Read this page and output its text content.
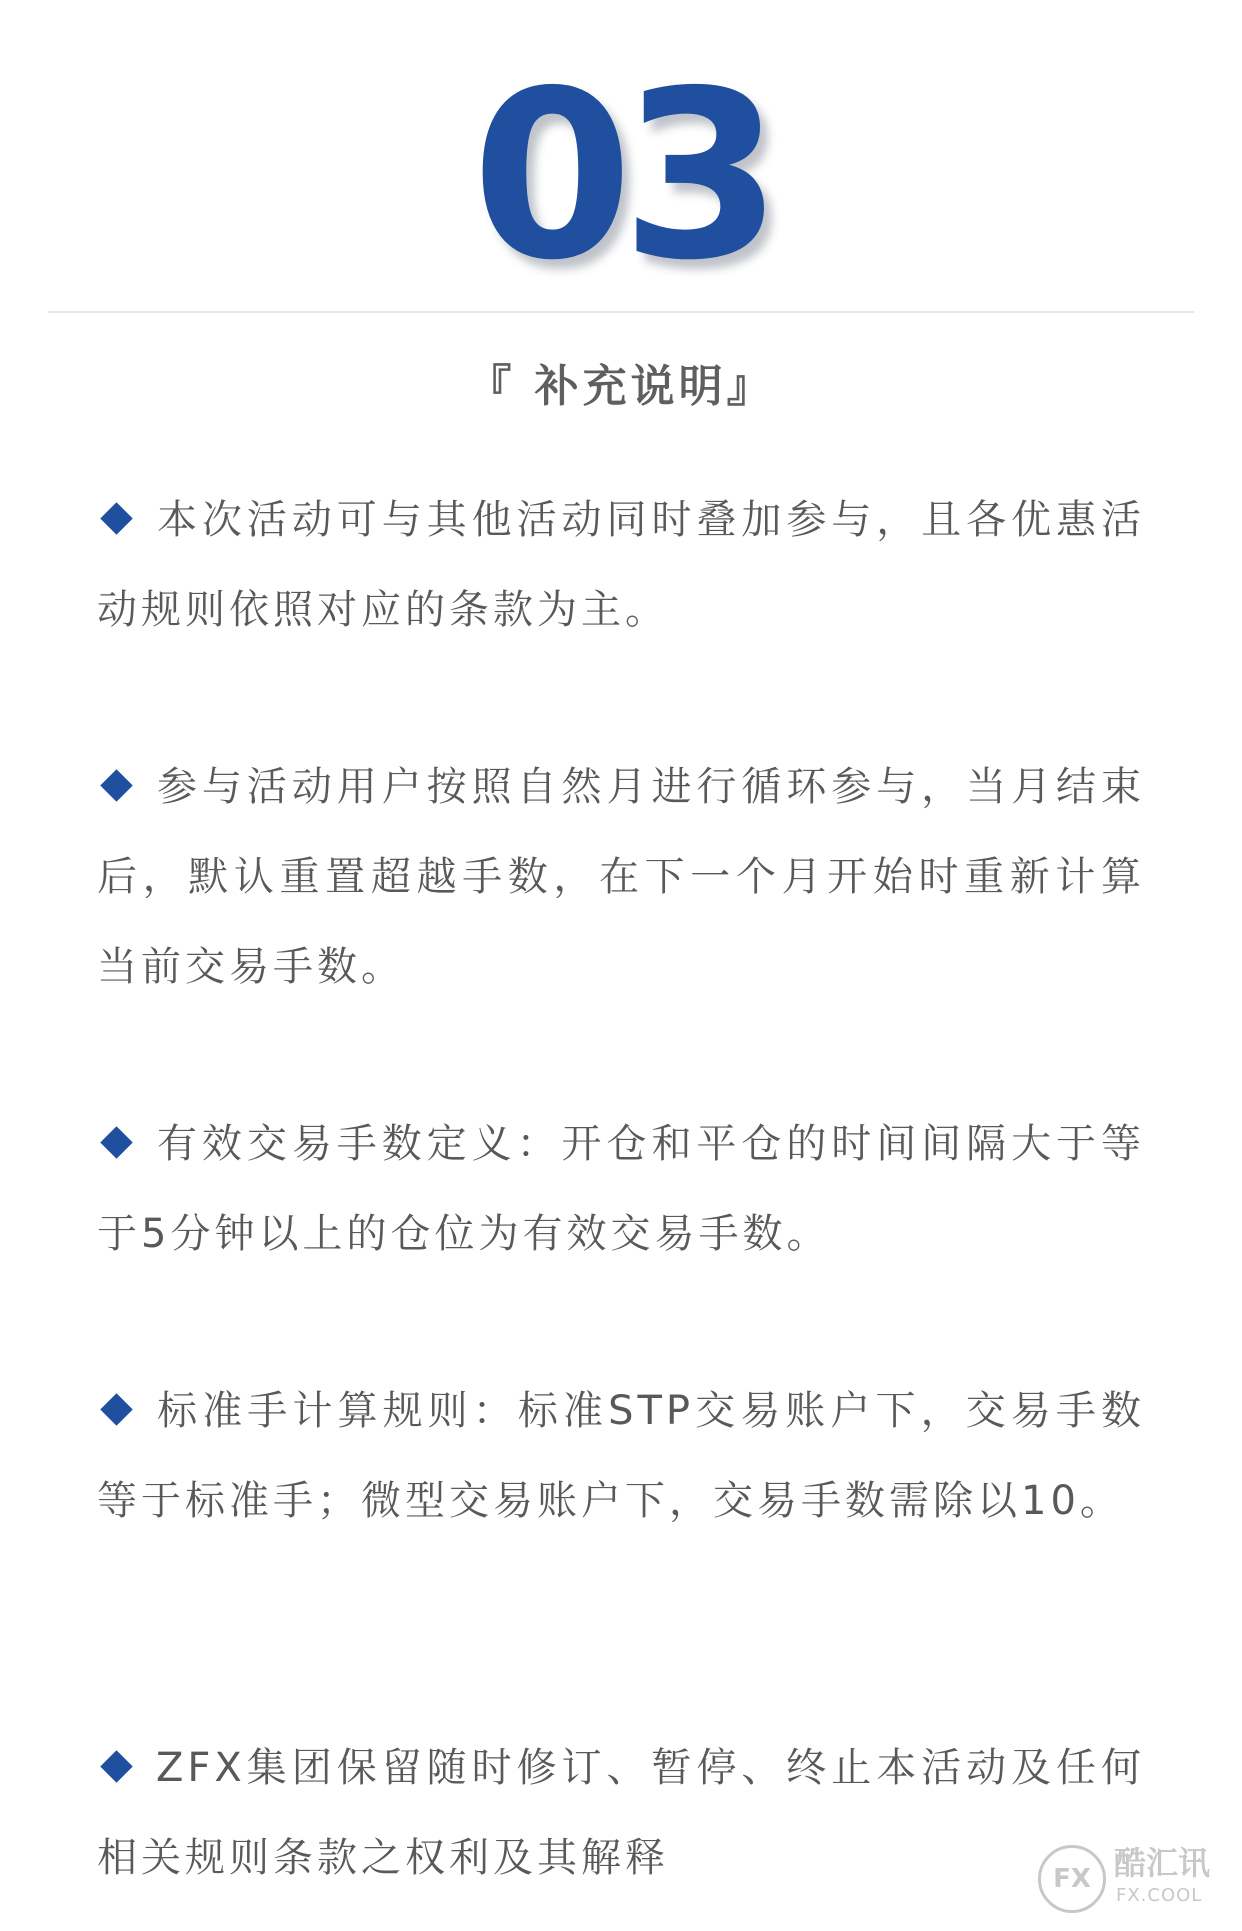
03
『 补充说明』

本次活动可与其他活动同时叠加参与，且各优惠活动规则依照对应的条款为主。

参与活动用户按照自然月进行循环参与，当月结束后，默认重置超越手数，在下一个月开始时重新计算当前交易手数。

有效交易手数定义：开仓和平仓的时间间隔大于等于5分钟以上的仓位为有效交易手数。

标准手计算规则：标准STP交易账户下，交易手数等于标准手；微型交易账户下，交易手数需除以10。

ZFX集团保留随时修订、暂停、终止本活动及任何相关规则条款之权利及其解释	FX 酷汇讯
FX.COOL
